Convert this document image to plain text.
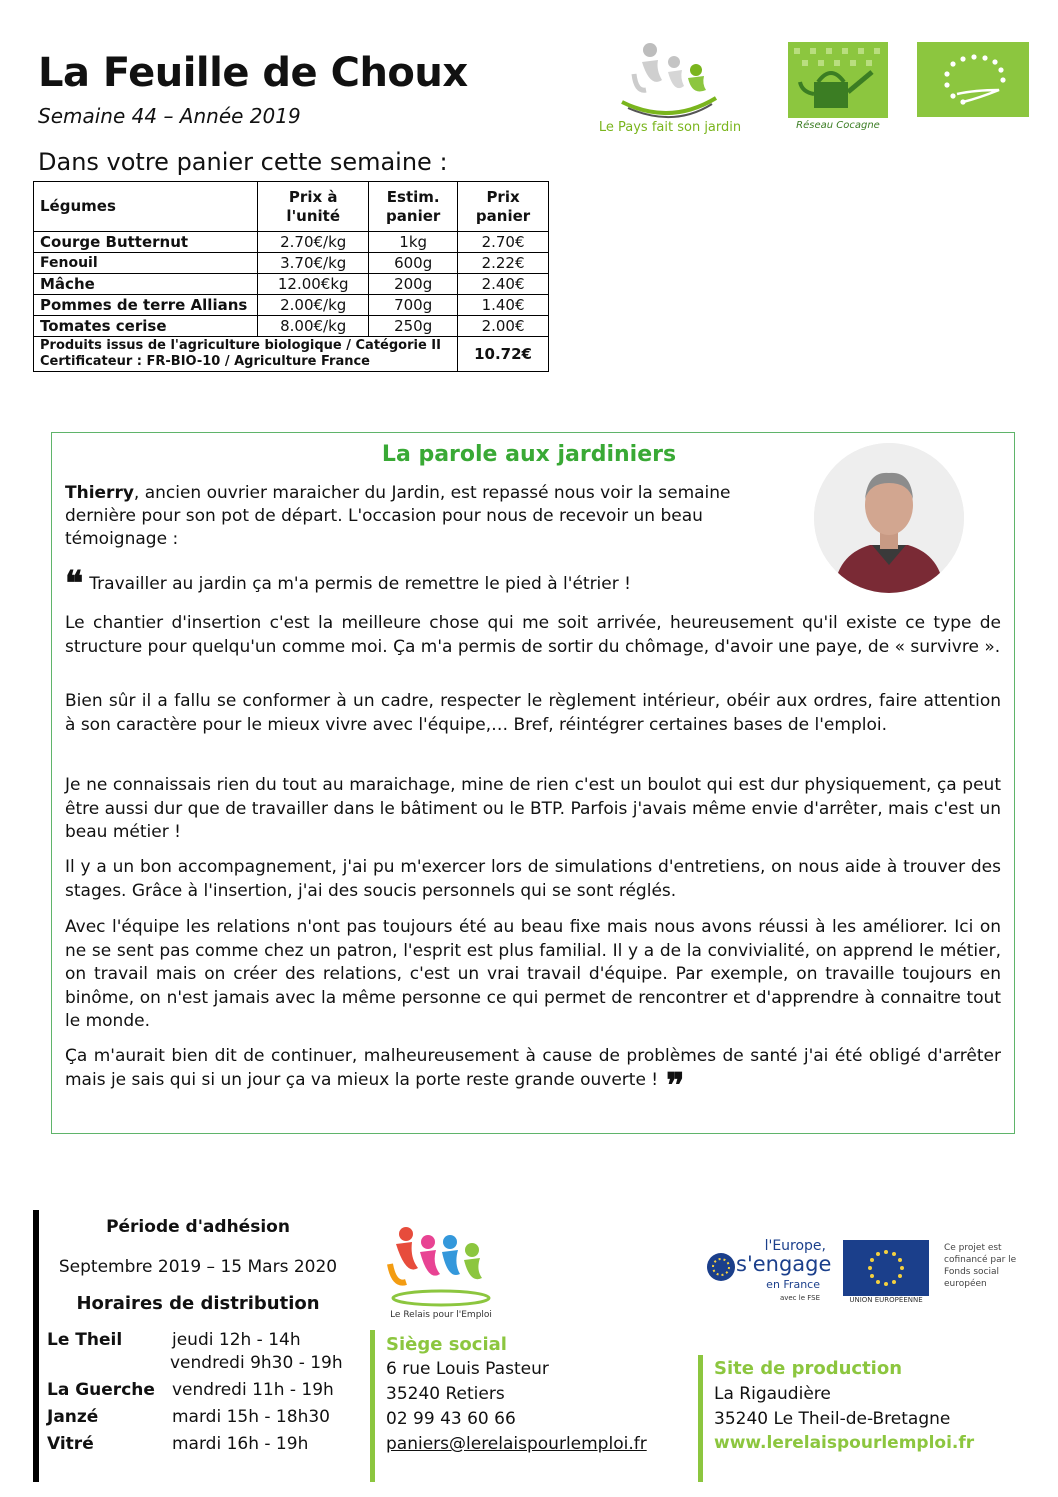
La Feuille de Choux
Semaine 44 – Année 2019
Dans votre panier cette semaine :
Le Pays fait son jardin	Réseau Cocagne
Légumes	Prix à l'unité	Estim. panier	Prix panier
Courge Butternut	2.70€/kg	1kg	2.70€
Fenouil	3.70€/kg	600g	2.22€
Mâche	12.00€kg	200g	2.40€
Pommes de terre Allians	2.00€/kg	700g	1.40€
Tomates cerise	8.00€/kg	250g	2.00€

Produits issus de l'agriculture biologique / Catégorie II
Certificateur : FR-BIO-10 / Agriculture France			10.72€
La parole aux jardiniers
Thierry, ancien ouvrier maraicher du Jardin, est repassé nous voir la semaine dernière pour son pot de départ. L'occasion pour nous de recevoir un beau témoignage :
❝ Travailler au jardin ça m'a permis de remettre le pied à l'étrier !
Le chantier d'insertion c'est la meilleure chose qui me soit arrivée, heureusement qu'il existe ce type de structure pour quelqu'un comme moi. Ça m'a permis de sortir du chômage, d'avoir une paye, de « survivre ».
Bien sûr il a fallu se conformer à un cadre, respecter le règlement intérieur, obéir aux ordres, faire attention à son caractère pour le mieux vivre avec l'équipe,… Bref, réintégrer certaines bases de l'emploi.
Je ne connaissais rien du tout au maraichage, mine de rien c'est un boulot qui est dur physiquement, ça peut être aussi dur que de travailler dans le bâtiment ou le BTP. Parfois j'avais même envie d'arrêter, mais c'est un beau métier !
Il y a un bon accompagnement, j'ai pu m'exercer lors de simulations d'entretiens, on nous aide à trouver des stages. Grâce à l'insertion, j'ai des soucis personnels qui se sont réglés.
Avec l'équipe les relations n'ont pas toujours été au beau fixe mais nous avons réussi à les améliorer. Ici on ne se sent pas comme chez un patron, l'esprit est plus familial. Il y a de la convivialité, on apprend le métier, on travail mais on créer des relations, c'est un vrai travail d'équipe. Par exemple, on travaille toujours en binôme, on n'est jamais avec la même personne ce qui permet de rencontrer et d'apprendre à connaitre tout le monde.
Ça m'aurait bien dit de continuer, malheureusement à cause de problèmes de santé j'ai été obligé d'arrêter mais je sais qui si un jour ça va mieux la porte reste grande ouverte ! ❞
Période d'adhésion
Septembre 2019 – 15 Mars 2020
Horaires de distribution
Le Theil	jeudi 12h - 14h
vendredi 9h30 - 19h
La Guerche vendredi 11h - 19h
Janzé	mardi 15h - 18h30
Vitré	mardi 16h - 19h
Le Relais pour l'Emploi
Siège social
6 rue Louis Pasteur
35240 Retiers
02 99 43 60 66
paniers@lerelaispourlemploi.fr
Site de production
La Rigaudière
35240 Le Theil-de-Bretagne
www.lerelaispourlemploi.fr
l'Europe,
s'engage
en France
avec le FSE	UNION EUROPÉENNE
Ce projet est cofinancé par le Fonds social européen
